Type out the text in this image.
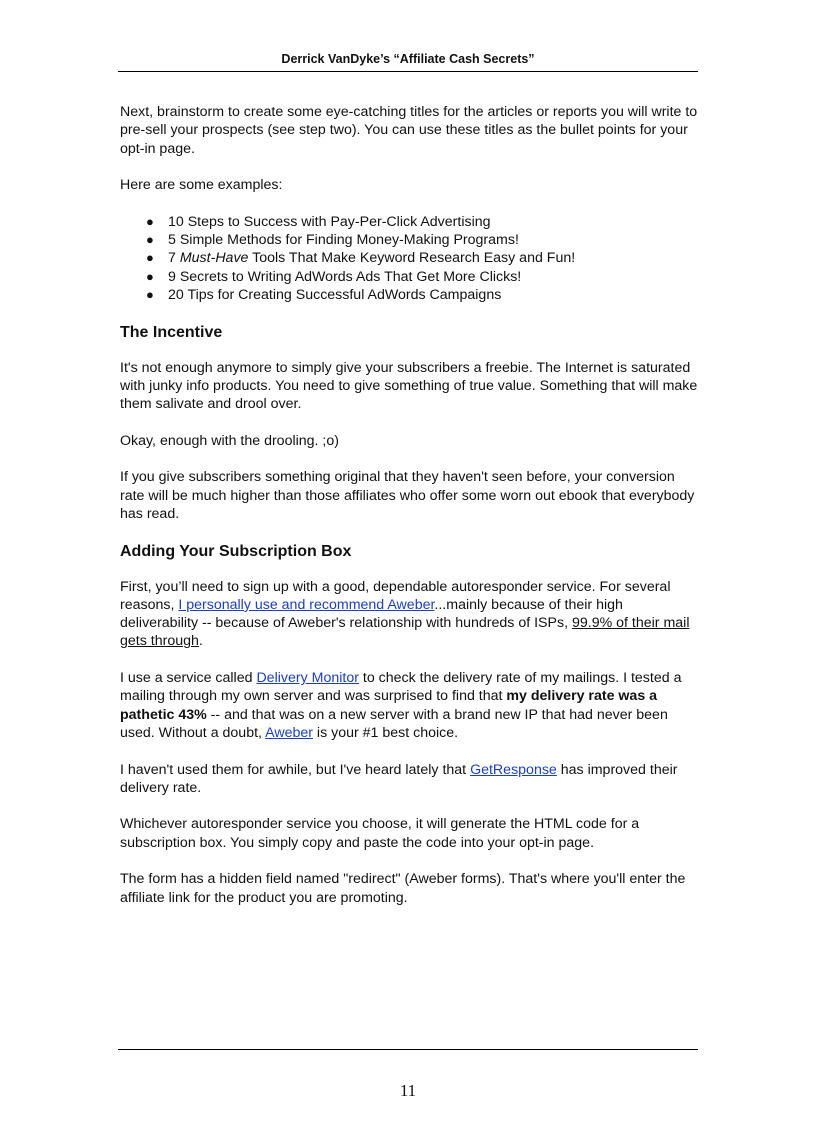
Derrick VanDyke’s “Affiliate Cash Secrets”

Next, brainstorm to create some eye-catching titles for the articles or reports you will write to pre-sell your prospects (see step two). You can use these titles as the bullet points for your opt-in page.

Here are some examples:

● 10 Steps to Success with Pay-Per-Click Advertising
● 5 Simple Methods for Finding Money-Making Programs!
● 7 Must-Have Tools That Make Keyword Research Easy and Fun!
● 9 Secrets to Writing AdWords Ads That Get More Clicks!
● 20 Tips for Creating Successful AdWords Campaigns
The Incentive

It's not enough anymore to simply give your subscribers a freebie. The Internet is saturated with junky info products. You need to give something of true value. Something that will make them salivate and drool over.

Okay, enough with the drooling. ;o)

If you give subscribers something original that they haven't seen before, your conversion rate will be much higher than those affiliates who offer some worn out ebook that everybody has read.

Adding Your Subscription Box

First, you’ll need to sign up with a good, dependable autoresponder service. For several reasons, I personally use and recommend Aweber...mainly because of their high deliverability -- because of Aweber's relationship with hundreds of ISPs, 99.9% of their mail gets through.

I use a service called Delivery Monitor to check the delivery rate of my mailings. I tested a mailing through my own server and was surprised to find that my delivery rate was a pathetic 43% -- and that was on a new server with a brand new IP that had never been used. Without a doubt, Aweber is your #1 best choice.

I haven't used them for awhile, but I've heard lately that GetResponse has improved their delivery rate.

Whichever autoresponder service you choose, it will generate the HTML code for a subscription box. You simply copy and paste the code into your opt-in page.

The form has a hidden field named "redirect" (Aweber forms). That's where you'll enter the affiliate link for the product you are promoting.

11
